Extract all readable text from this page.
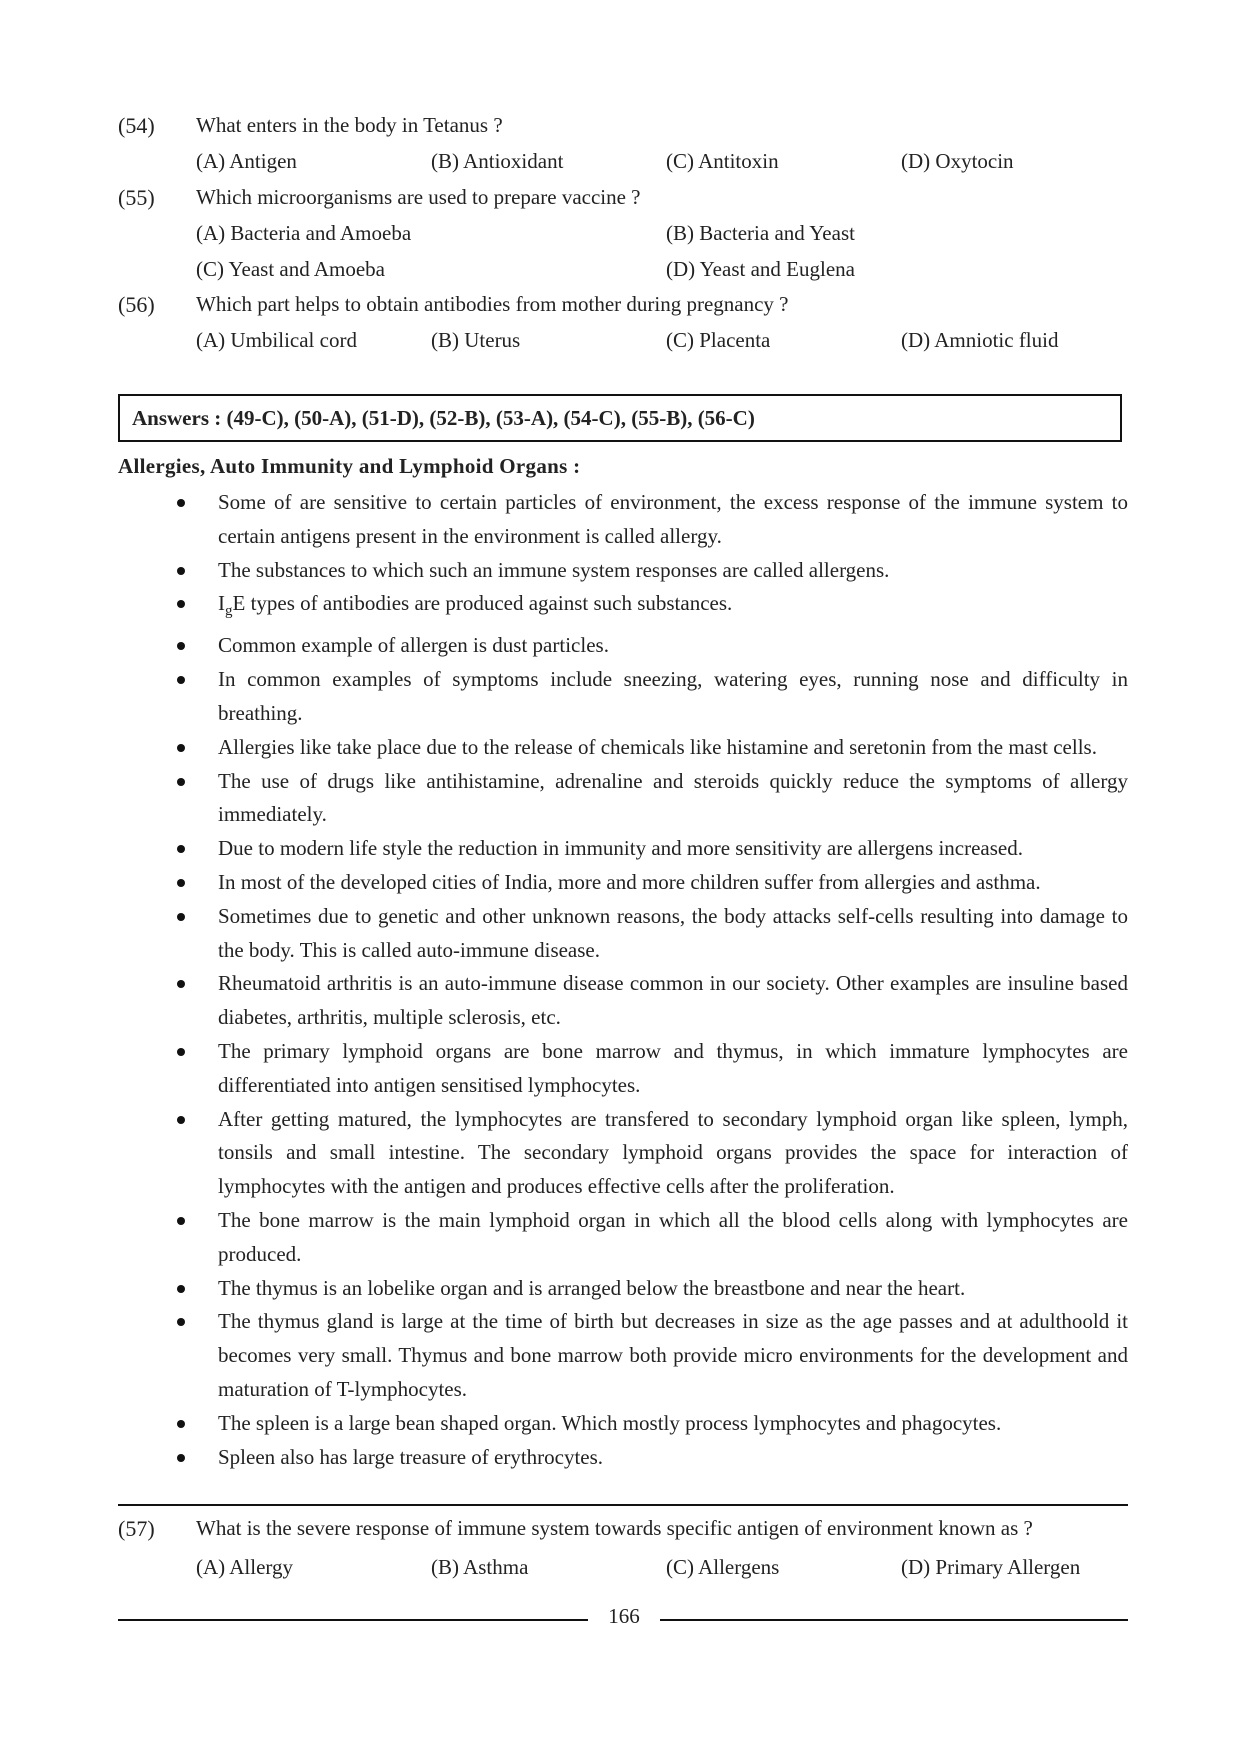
(54) What enters in the body in Tetanus ?
(A) Antigen	(B) Antioxidant	(C) Antitoxin	(D) Oxytocin
(55) Which microorganisms are used to prepare vaccine ?
(A) Bacteria and Amoeba	(B) Bacteria and Yeast
(C) Yeast and Amoeba	(D) Yeast and Euglena
(56) Which part helps to obtain antibodies from mother during pregnancy ?
(A) Umbilical cord	(B) Uterus	(C) Placenta	(D) Amniotic fluid
Answers : (49-C), (50-A), (51-D), (52-B), (53-A), (54-C), (55-B), (56-C)
Allergies, Auto Immunity and Lymphoid Organs :
Some of are sensitive to certain particles of environment, the excess response of the immune system to certain antigens present in the environment is called allergy.
The substances to which such an immune system responses are called allergens.
$I_gE$ types of antibodies are produced against such substances.
Common example of allergen is dust particles.
In common examples of symptoms include sneezing, watering eyes, running nose and difficulty in breathing.
Allergies like take place due to the release of chemicals like histamine and seretonin from the mast cells.
The use of drugs like antihistamine, adrenaline and steroids quickly reduce the symptoms of allergy immediately.
Due to modern life style the reduction in immunity and more sensitivity are allergens increased.
In most of the developed cities of India, more and more children suffer from allergies and asthma.
Sometimes due to genetic and other unknown reasons, the body attacks self-cells resulting into damage to the body. This is called auto-immune disease.
Rheumatoid arthritis is an auto-immune disease common in our society. Other examples are insuline based diabetes, arthritis, multiple sclerosis, etc.
The primary lymphoid organs are bone marrow and thymus, in which immature lymphocytes are differentiated into antigen sensitised lymphocytes.
After getting matured, the lymphocytes are transfered to secondary lymphoid organ like spleen, lymph, tonsils and small intestine. The secondary lymphoid organs provides the space for interaction of lymphocytes with the antigen and produces effective cells after the proliferation.
The bone marrow is the main lymphoid organ in which all the blood cells along with lymphocytes are produced.
The thymus is an lobelike organ and is arranged below the breastbone and near the heart.
The thymus gland is large at the time of birth but decreases in size as the age passes and at adulthoold it becomes very small. Thymus and bone marrow both provide micro environments for the development and maturation of T-lymphocytes.
The spleen is a large bean shaped organ. Which mostly process lymphocytes and phagocytes.
Spleen also has large treasure of erythrocytes.
(57) What is the severe response of immune system towards specific antigen of environment known as ?
(A) Allergy	(B) Asthma	(C) Allergens	(D) Primary Allergen
166
